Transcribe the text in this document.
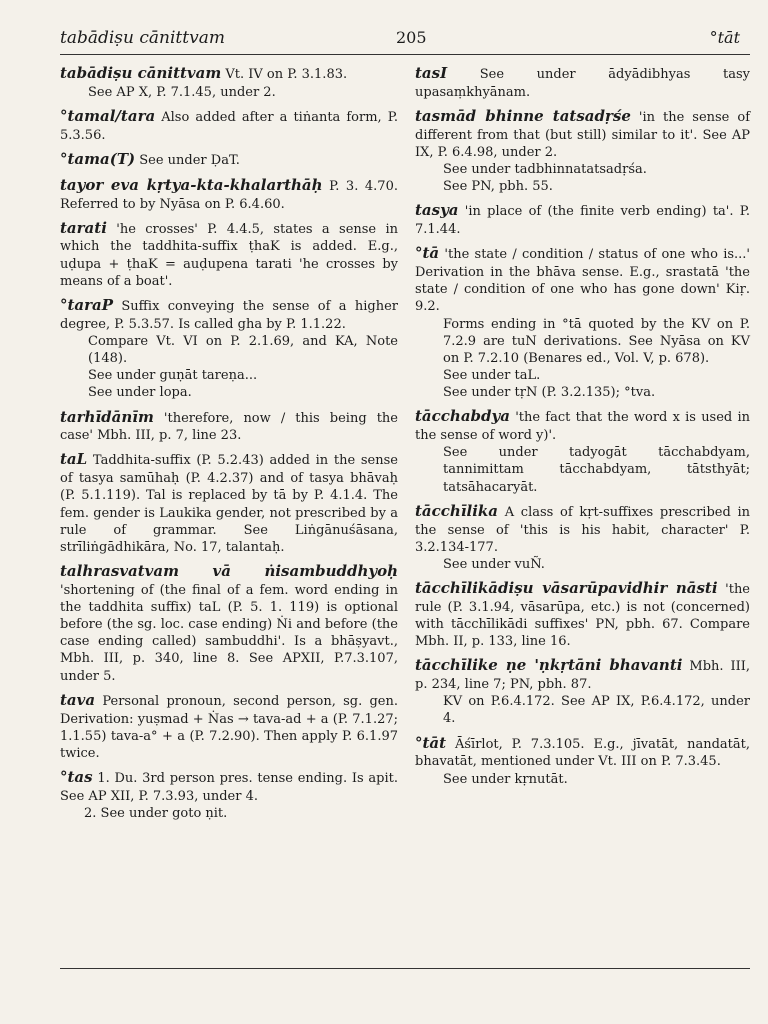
tabādiṣu cānittvam	205	°tāt

tabādiṣu cānittvam Vt. IV on P. 3.1.83.
See AP X, P. 7.1.45, under 2.

°tamal/tara Also added after a tiṅanta form, P. 5.3.56.

°tama(T) See under ḌaT.

tayor eva kṛtya-kta-khalarthāḥ P. 3. 4.70. Referred to by Nyāsa on P. 6.4.60.

tarati 'he crosses' P. 4.4.5, states a sense in which the taddhita-suffix ṭhaK is added. E.g., uḍupa + ṭhaK = auḍupena tarati 'he crosses by means of a boat'.

°taraP Suffix conveying the sense of a higher degree, P. 5.3.57. Is called gha by P. 1.1.22.
Compare Vt. VI on P. 2.1.69, and KA, Note (148).
See under guṇāt tareṇa...
See under lopa.

tarhīdānīm 'therefore, now / this being the case' Mbh. III, p. 7, line 23.

taL Taddhita-suffix (P. 5.2.43) added in the sense of tasya samūhaḥ (P. 4.2.37) and of tasya bhāvaḥ (P. 5.1.119). Tal is replaced by tā by P. 4.1.4. The fem. gender is Laukika gender, not prescribed by a rule of grammar. See Liṅgānuśāsana, strīliṅgādhikāra, No. 17, talantaḥ.

talhrasvatvam vā ṅisambuddhyoḥ 'shortening of (the final of a fem. word ending in the taddhita suffix) taL (P. 5. 1. 119) is optional before (the sg. loc. case ending) Ṅi and before (the case ending called) sambuddhi'. Is a bhāṣyavt., Mbh. III, p. 340, line 8. See APXII, P.7.3.107, under 5.

tava Personal pronoun, second person, sg. gen. Derivation: yuṣmad + Ṅas → tava-ad + a (P. 7.1.27; 1.1.55) tava-a° + a (P. 7.2.90). Then apply P. 6.1.97 twice.

°tas 1. Du. 3rd person pres. tense ending. Is apit. See AP XII, P. 7.3.93, under 4.
2. See under goto ṇit.

tasI	See under ādyādibhyas tasy upasaṃkhyānam.

tasmād bhinne tatsadṛśe 'in the sense of different from that (but still) similar to it'. See AP IX, P. 6.4.98, under 2.
See under tadbhinnatatsadṛśa.
See PN, pbh. 55.

tasya 'in place of (the finite verb ending) ta'. P. 7.1.44.

°tā 'the state / condition / status of one who is...' Derivation in the bhāva sense. E.g., srastatā 'the state / condition of one who has gone down' Kiṛ. 9.2.
Forms ending in °tā quoted by the KV on P. 7.2.9 are tuN derivations. See Nyāsa on KV on P. 7.2.10 (Benares ed., Vol. V, p. 678).
See under taL.
See under tṛN (P. 3.2.135); °tva.

tācchabdya 'the fact that the word x is used in the sense of word y)'.
See under tadyogāt tācchabdyam, tannimittam tācchabdyam, tātsthyāt; tatsāhacaryāt.

tācchīlika A class of kṛt-suffixes prescribed in the sense of 'this is his habit, character' P. 3.2.134-177.
See under vuÑ.

tācchīlikādiṣu vāsarūpavidhir nāsti 'the rule (P. 3.1.94, vāsarūpa, etc.) is not (concerned) with tācchīlikādi suffixes' PN, pbh. 67. Compare Mbh. II, p. 133, line 16.

tācchīlike ṇe 'ṇkṛtāni bhavanti Mbh. III, p. 234, line 7; PN, pbh. 87.
KV on P.6.4.172. See AP IX, P.6.4.172, under 4.

°tāt Āśīrlot, P. 7.3.105. E.g., jīvatāt, nandatāt, bhavatāt, mentioned under Vt. III on P. 7.3.45.
See under kṛnutāt.
